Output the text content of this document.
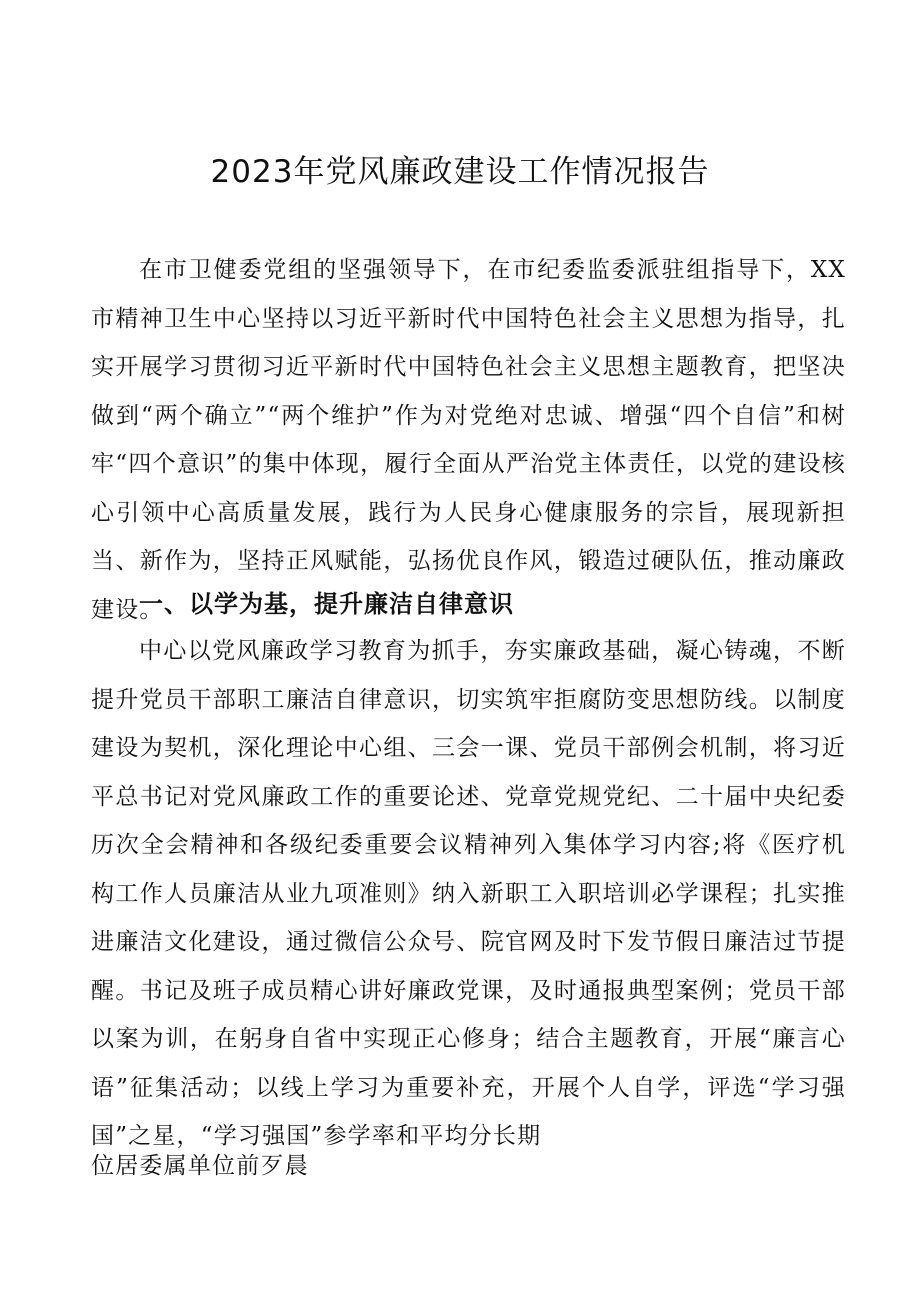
2023年党风廉政建设工作情况报告

在市卫健委党组的坚强领导下，在市纪委监委派驻组指导下，XX市精神卫生中心坚持以习近平新时代中国特色社会主义思想为指导，扎实开展学习贯彻习近平新时代中国特色社会主义思想主题教育，把坚决做到“两个确立”“两个维护”作为对党绝对忠诚、增强“四个自信”和树牢“四个意识”的集中体现，履行全面从严治党主体责任，以党的建设核心引领中心高质量发展，践行为人民身心健康服务的宗旨，展现新担当、新作为，坚持正风赋能，弘扬优良作风，锻造过硬队伍，推动廉政建设。

一、以学为基，提升廉洁自律意识

中心以党风廉政学习教育为抓手，夯实廉政基础，凝心铸魂，不断提升党员干部职工廉洁自律意识，切实筑牢拒腐防变思想防线。以制度建设为契机，深化理论中心组、三会一课、党员干部例会机制，将习近平总书记对党风廉政工作的重要论述、党章党规党纪、二十届中央纪委历次全会精神和各级纪委重要会议精神列入集体学习内容;将《医疗机构工作人员廉洁从业九项准则》纳入新职工入职培训必学课程；扎实推进廉洁文化建设，通过微信公众号、院官网及时下发节假日廉洁过节提醒。书记及班子成员精心讲好廉政党课，及时通报典型案例；党员干部以案为训，在躬身自省中实现正心修身；结合主题教育，开展“廉言心语”征集活动；以线上学习为重要补充，开展个人自学，评选“学习强国”之星，“学习强国”参学率和平均分长期

位居委属单位前歹晨
